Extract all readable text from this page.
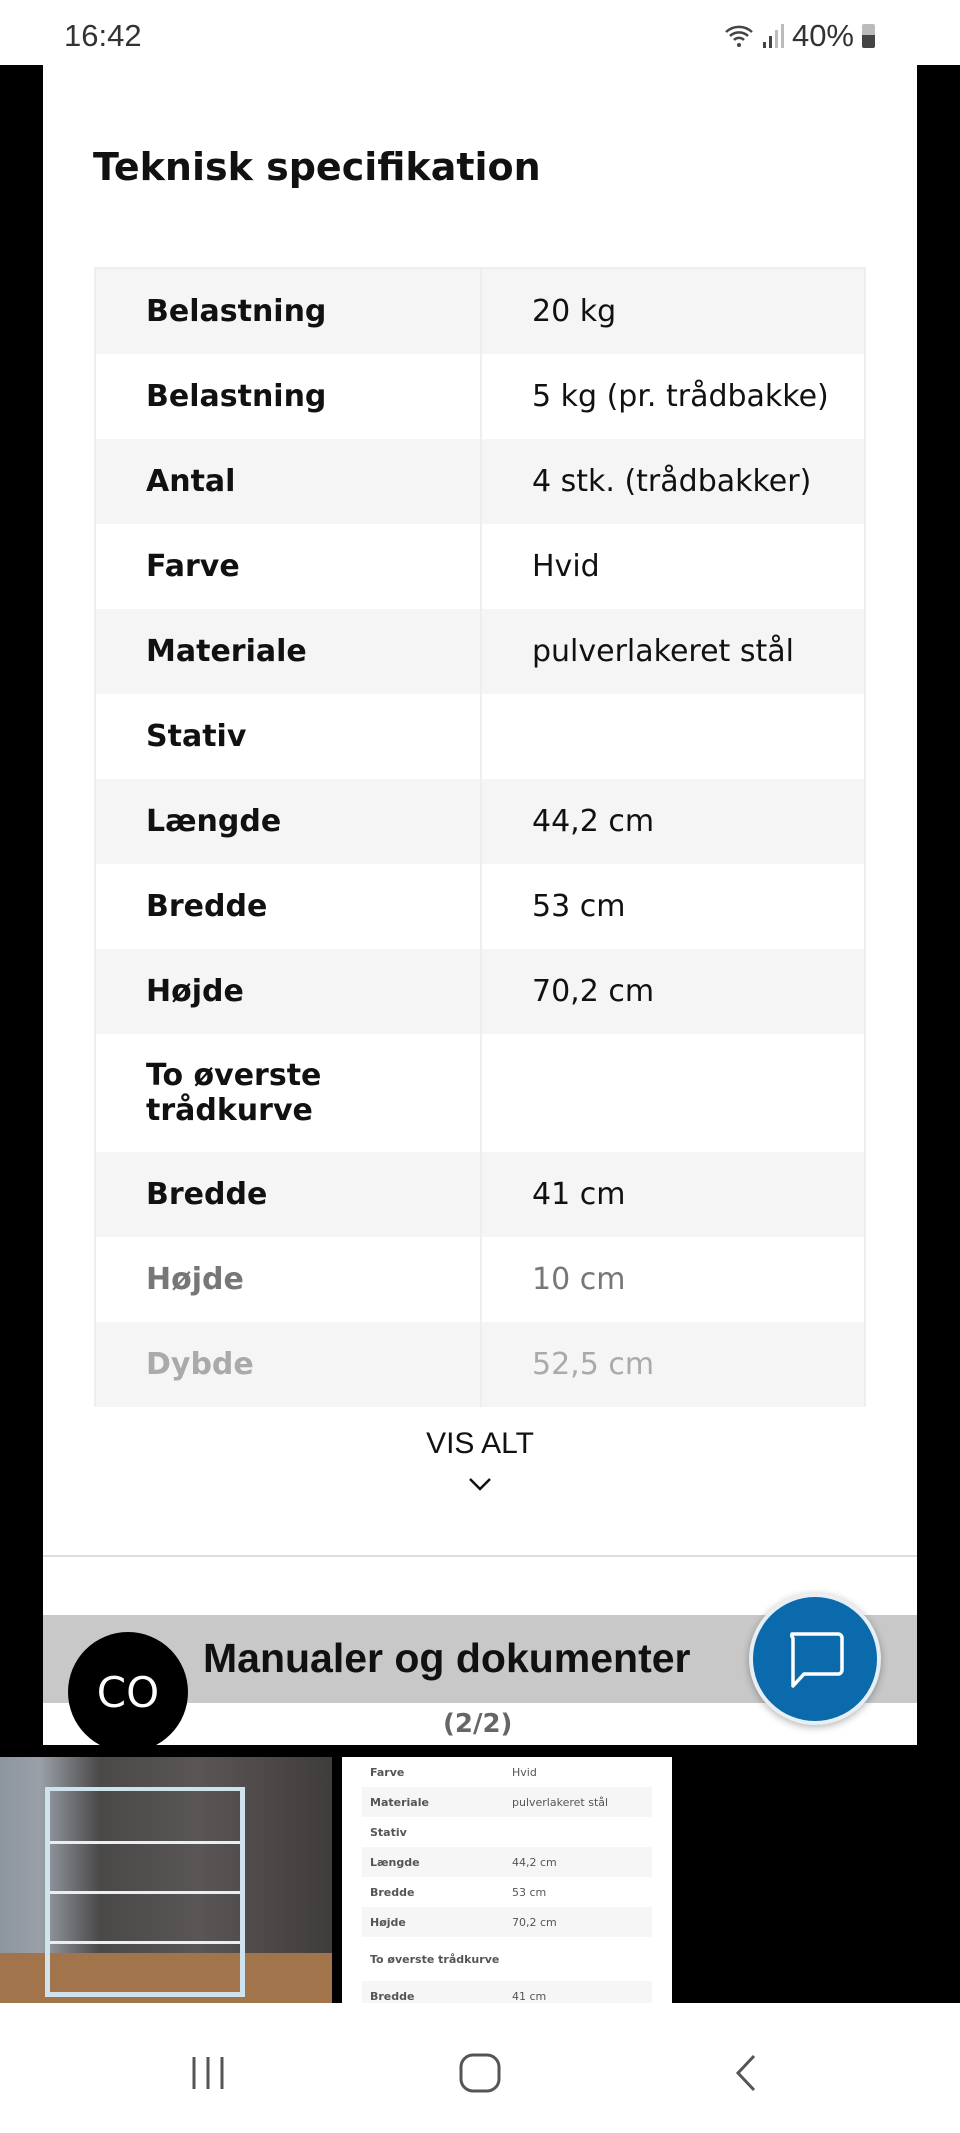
16:42	40%
Teknisk specifikation
Belastning	20 kg
Belastning	5 kg (pr. trådbakke)
Antal	4 stk. (trådbakker)
Farve	Hvid
Materiale	pulverlakeret stål
Stativ
Længde	44,2 cm
Bredde	53 cm
Højde	70,2 cm
To øverste trådkurve
Bredde	41 cm
Højde	10 cm
Dybde	52,5 cm
VIS ALT
Manualer og dokumenter
(2/2)
CO
Farve	Hvid
Materiale	pulverlakeret stål
Stativ
Længde	44,2 cm
Bredde	53 cm
Højde	70,2 cm
To øverste trådkurve
Bredde	41 cm
